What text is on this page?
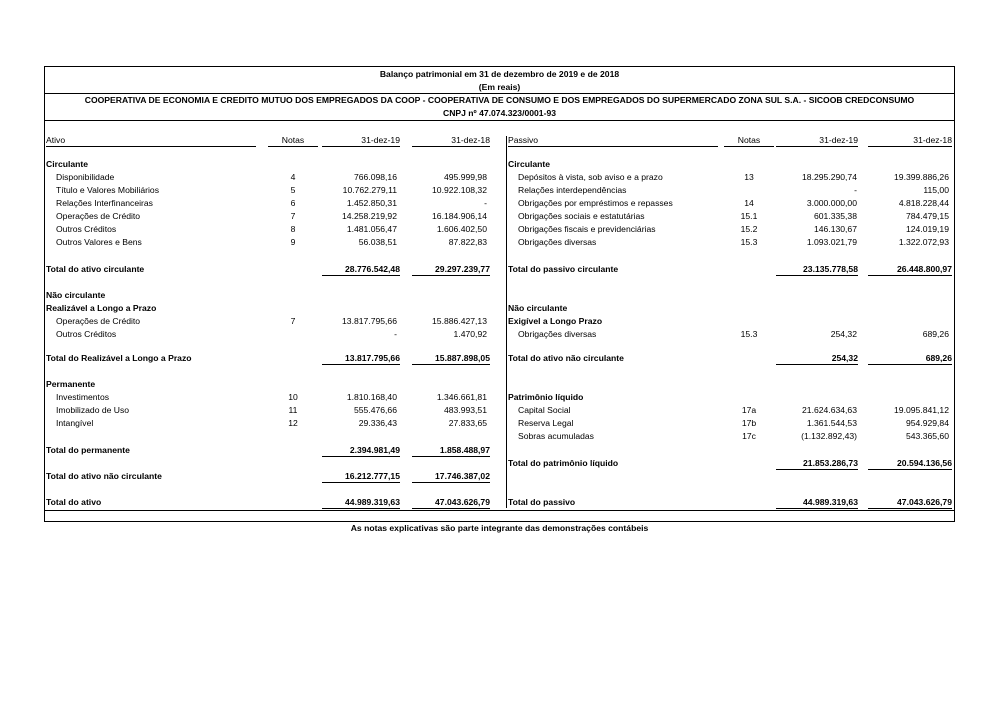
Balanço patrimonial em 31 de dezembro de 2019 e de 2018
(Em reais)
COOPERATIVA DE ECONOMIA E CREDITO MUTUO DOS EMPREGADOS DA COOP - COOPERATIVA DE CONSUMO E DOS EMPREGADOS DO SUPERMERCADO ZONA SUL S.A. - SICOOB CREDCONSUMO
CNPJ nº 47.074.323/0001-93
Ativo	Notas	31-dez-19	31-dez-18 Passivo	Notas	31-dez-19	31-dez-18
Circulante
Disponibilidade	4	766.098,16	495.999,98
Título e Valores Mobiliários	5	10.762.279,11	10.922.108,32
Relações Interfinanceiras	6	1.452.850,31	-
Operações de Crédito	7	14.258.219,92	16.184.906,14
Outros Créditos	8	1.481.056,47	1.606.402,50
Outros Valores e Bens	9	56.038,51	87.822,83
Total do ativo circulante	28.776.542,48	29.297.239,77
Não circulante
Realizável a Longo a Prazo
Operações de Crédito	7	13.817.795,66	15.886.427,13
Outros Créditos	-	1.470,92
Total do Realizável a Longo a Prazo	13.817.795,66	15.887.898,05
Permanente
Investimentos	10	1.810.168,40	1.346.661,81
Imobilizado de Uso	11	555.476,66	483.993,51
Intangível	12	29.336,43	27.833,65
Total do permanente	2.394.981,49	1.858.488,97
Total do ativo não circulante	16.212.777,15	17.746.387,02
Total do ativo	44.989.319,63	47.043.626,79
Circulante
Depósitos à vista, sob aviso e a prazo	13	18.295.290,74	19.399.886,26
Relações interdependências	-	115,00
Obrigações por empréstimos e repasses	14	3.000.000,00	4.818.228,44
Obrigações sociais e estatutárias	15.1	601.335,38	784.479,15
Obrigações fiscais e previdenciárias	15.2	146.130,67	124.019,19
Obrigações diversas	15.3	1.093.021,79	1.322.072,93
Total do passivo circulante	23.135.778,58	26.448.800,97
Não circulante
Exigível a Longo Prazo
Obrigações diversas	15.3	254,32	689,26
Total do ativo não circulante	254,32	689,26
Patrimônio líquido
Capital Social	17a	21.624.634,63	19.095.841,12
Reserva Legal	17b	1.361.544,53	954.929,84
Sobras acumuladas	17c	(1.132.892,43)	543.365,60
Total do patrimônio líquido	21.853.286,73	20.594.136,56
Total do passivo	44.989.319,63	47.043.626,79
As notas explicativas são parte integrante das demonstrações contábeis
